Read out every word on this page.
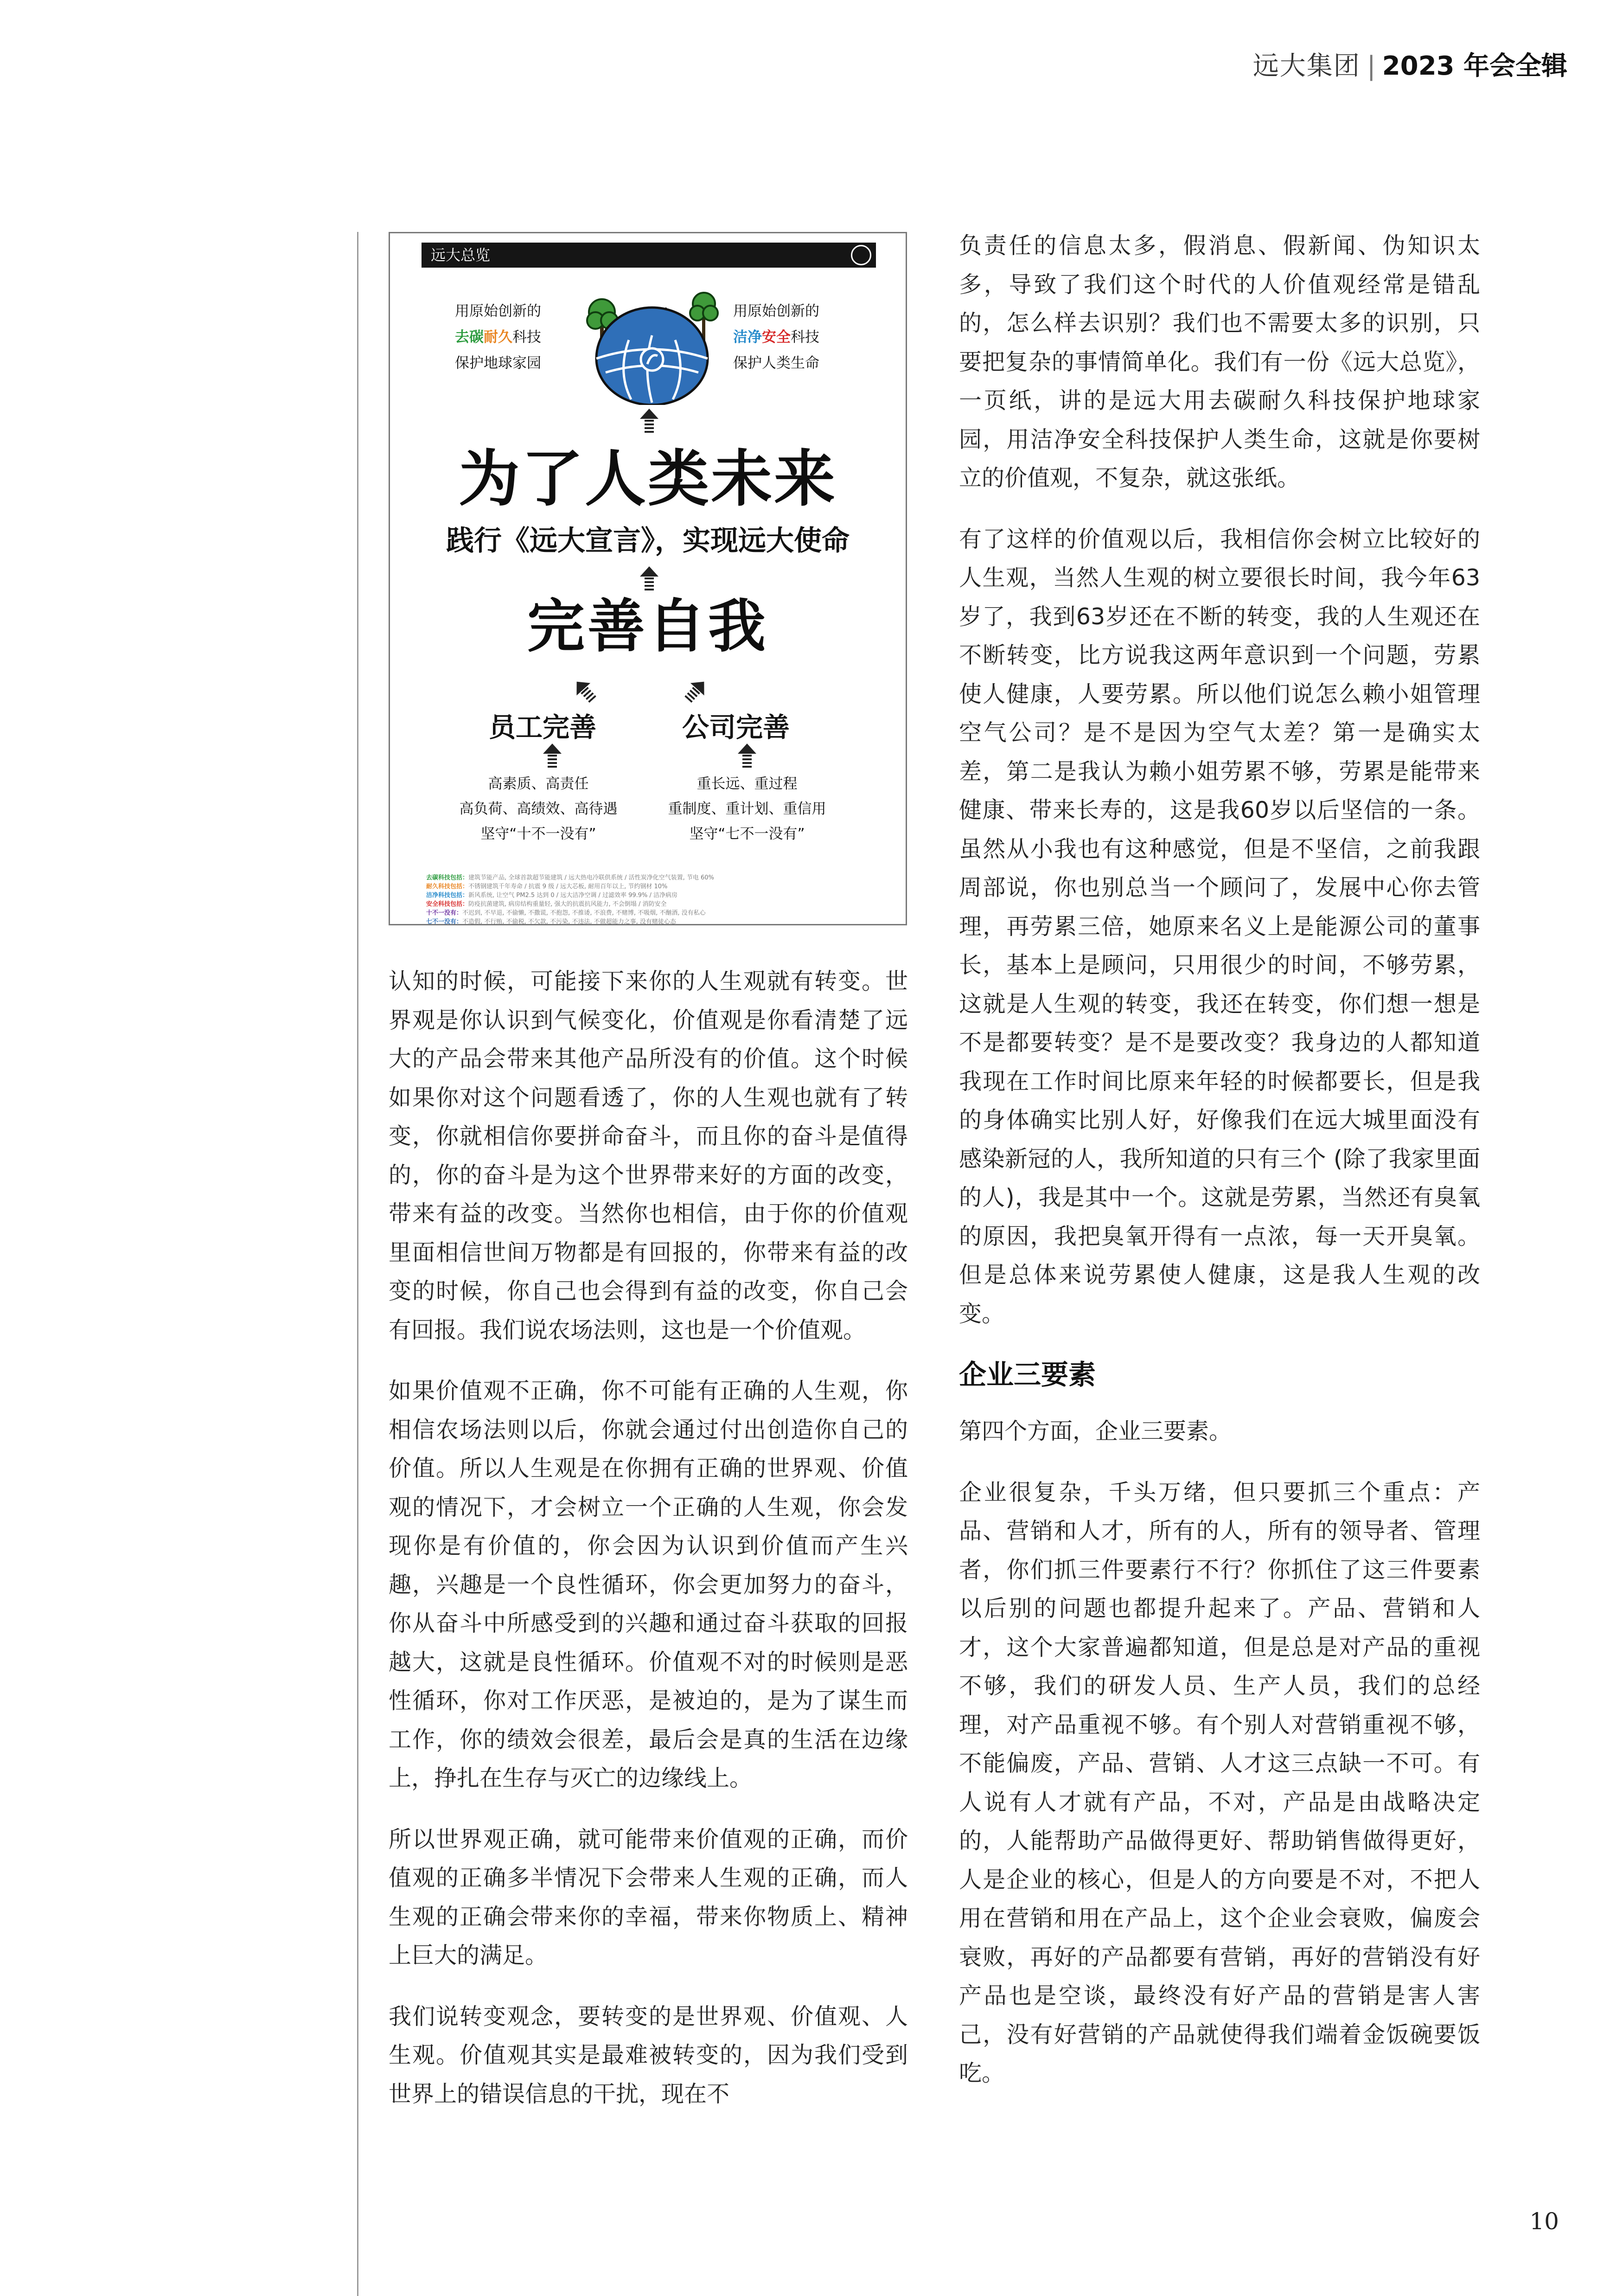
远大集团 | 2023 年会全辑
远大总览
用原始创新的
去碳耐久科技
保护地球家园
用原始创新的
洁净安全科技
保护人类生命
为了人类未来
践行《远大宣言》，实现远大使命
完善自我
员工完善	公司完善
高素质、高责任
高负荷、高绩效、高待遇
坚守“十不一没有”
重长远、重过程
重制度、重计划、重信用
坚守“七不一没有”
去碳科技包括：建筑节能产品, 全球首款超节能建筑 / 远大热电冷联供系统 / 活性炭净化空气装置, 节电 60%
耐久科技包括：不锈钢建筑千年寿命 / 抗震 9 级 / 远大芯板, 耐用百年以上, 节约钢材 10%
洁净科技包括：新风系统, 让空气 PM2.5 达到 0 / 远大洁净空调 / 过滤效率 99.9% / 洁净病房
安全科技包括：防疫抗菌建筑, 病房结构重量轻, 强大的抗震抗风能力, 不会倒塌 / 消防安全
十不一没有：不迟到, 不早退, 不偷懒, 不撒谎, 不抱怨, 不推诿, 不浪费, 不赌博, 不吸烟, 不酗酒, 没有私心
七不一没有：不造假, 不行贿, 不偷税, 不欠款, 不污染, 不违法, 不做超能力之事, 没有赌徒心态

认知的时候，可能接下来你的人生观就有转变。世界观是你认识到气候变化，价值观是你看清楚了远大的产品会带来其他产品所没有的价值。这个时候如果你对这个问题看透了，你的人生观也就有了转变，你就相信你要拼命奋斗，而且你的奋斗是值得的，你的奋斗是为这个世界带来好的方面的改变，带来有益的改变。当然你也相信，由于你的价值观里面相信世间万物都是有回报的，你带来有益的改变的时候，你自己也会得到有益的改变，你自己会有回报。我们说农场法则，这也是一个价值观。

如果价值观不正确，你不可能有正确的人生观，你相信农场法则以后，你就会通过付出创造你自己的价值。所以人生观是在你拥有正确的世界观、价值观的情况下，才会树立一个正确的人生观，你会发现你是有价值的，你会因为认识到价值而产生兴趣，兴趣是一个良性循环，你会更加努力的奋斗，你从奋斗中所感受到的兴趣和通过奋斗获取的回报越大，这就是良性循环。价值观不对的时候则是恶性循环，你对工作厌恶，是被迫的，是为了谋生而工作，你的绩效会很差，最后会是真的生活在边缘上，挣扎在生存与灭亡的边缘线上。

所以世界观正确，就可能带来价值观的正确，而价值观的正确多半情况下会带来人生观的正确，而人生观的正确会带来你的幸福，带来你物质上、精神上巨大的满足。

我们说转变观念，要转变的是世界观、价值观、人生观。价值观其实是最难被转变的，因为我们受到世界上的错误信息的干扰，现在不

负责任的信息太多，假消息、假新闻、伪知识太多，导致了我们这个时代的人价值观经常是错乱的，怎么样去识别？我们也不需要太多的识别，只要把复杂的事情简单化。我们有一份《远大总览》，一页纸，讲的是远大用去碳耐久科技保护地球家园，用洁净安全科技保护人类生命，这就是你要树立的价值观，不复杂，就这张纸。

有了这样的价值观以后，我相信你会树立比较好的人生观，当然人生观的树立要很长时间，我今年63岁了，我到63岁还在不断的转变，我的人生观还在不断转变，比方说我这两年意识到一个问题，劳累使人健康，人要劳累。所以他们说怎么赖小姐管理空气公司？是不是因为空气太差？第一是确实太差，第二是我认为赖小姐劳累不够，劳累是能带来健康、带来长寿的，这是我60岁以后坚信的一条。虽然从小我也有这种感觉，但是不坚信，之前我跟周部说，你也别总当一个顾问了，发展中心你去管理，再劳累三倍，她原来名义上是能源公司的董事长，基本上是顾问，只用很少的时间，不够劳累，这就是人生观的转变，我还在转变，你们想一想是不是都要转变？是不是要改变？我身边的人都知道我现在工作时间比原来年轻的时候都要长，但是我的身体确实比别人好，好像我们在远大城里面没有感染新冠的人，我所知道的只有三个 (除了我家里面的人)，我是其中一个。这就是劳累，当然还有臭氧的原因，我把臭氧开得有一点浓，每一天开臭氧。但是总体来说劳累使人健康，这是我人生观的改变。

企业三要素

第四个方面，企业三要素。

企业很复杂，千头万绪，但只要抓三个重点：产品、营销和人才，所有的人，所有的领导者、管理者，你们抓三件要素行不行？你抓住了这三件要素以后别的问题也都提升起来了。产品、营销和人才，这个大家普遍都知道，但是总是对产品的重视不够，我们的研发人员、生产人员，我们的总经理，对产品重视不够。有个别人对营销重视不够，不能偏废，产品、营销、人才这三点缺一不可。有人说有人才就有产品，不对，产品是由战略决定的，人能帮助产品做得更好、帮助销售做得更好，人是企业的核心，但是人的方向要是不对，不把人用在营销和用在产品上，这个企业会衰败，偏废会衰败，再好的产品都要有营销，再好的营销没有好产品也是空谈，最终没有好产品的营销是害人害己，没有好营销的产品就使得我们端着金饭碗要饭吃。

10
